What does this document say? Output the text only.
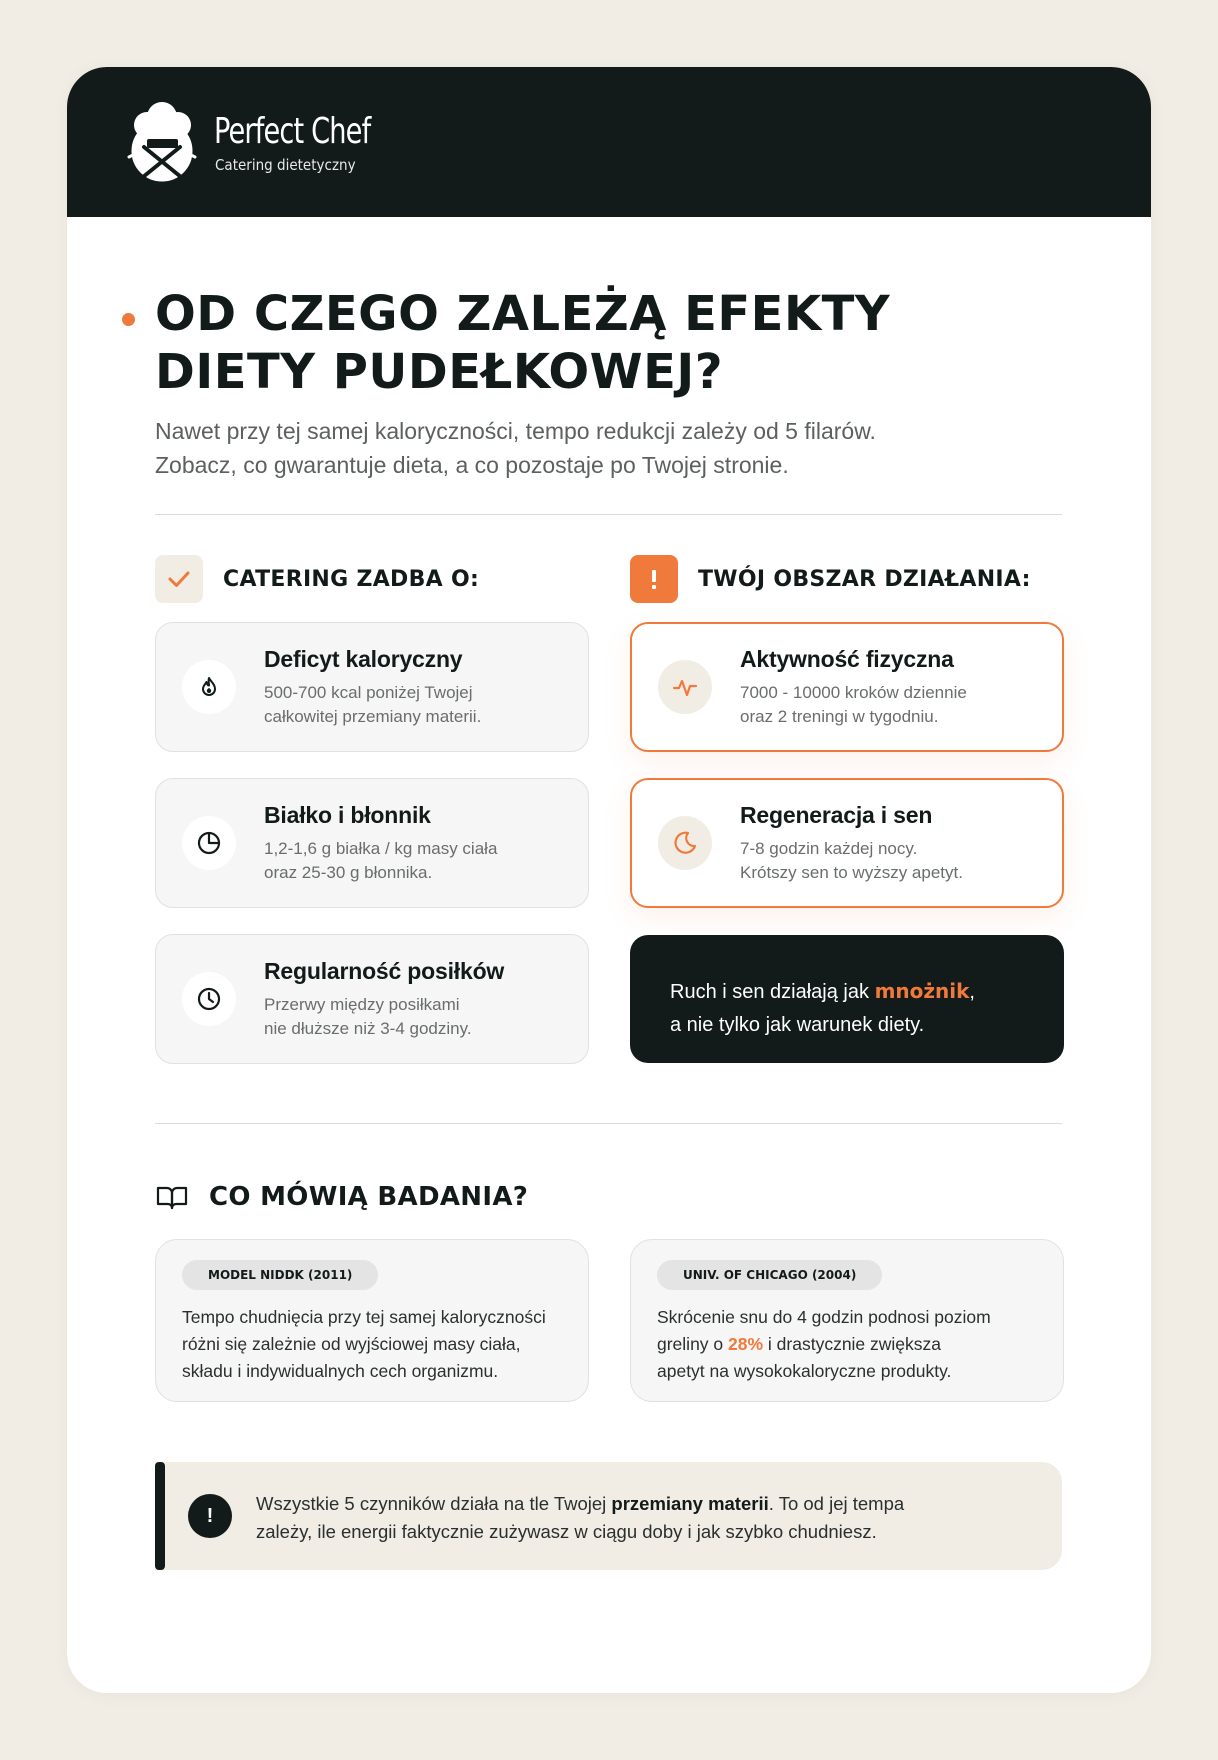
Perfect Chef
Catering dietetyczny
OD CZEGO ZALEŻĄ EFEKTY
DIETY PUDEŁKOWEJ?

Nawet przy tej samej kaloryczności, tempo redukcji zależy od 5 filarów.
Zobacz, co gwarantuje dieta, a co pozostaje po Twojej stronie.

CATERING ZADBA O:	TWÓJ OBSZAR DZIAŁANIA:
Deficyt kaloryczny
500-700 kcal poniżej Twojej
całkowitej przemiany materii.
Białko i błonnik
1,2-1,6 g białka / kg masy ciała
oraz 25-30 g błonnika.
Regularność posiłków
Przerwy między posiłkami
nie dłuższe niż 3-4 godziny.
Aktywność fizyczna
7000 - 10000 kroków dziennie
oraz 2 treningi w tygodniu.
Regeneracja i sen
7-8 godzin każdej nocy.
Krótszy sen to wyższy apetyt.
Ruch i sen działają jak mnożnik,
a nie tylko jak warunek diety.
CO MÓWIĄ BADANIA?
MODEL NIDDK (2011)
Tempo chudnięcia przy tej samej kaloryczności
różni się zależnie od wyjściowej masy ciała,
składu i indywidualnych cech organizmu.
UNIV. OF CHICAGO (2004)
Skrócenie snu do 4 godzin podnosi poziom
greliny o 28% i drastycznie zwiększa
apetyt na wysokokaloryczne produkty.
!
Wszystkie 5 czynników działa na tle Twojej przemiany materii. To od jej tempa
zależy, ile energii faktycznie zużywasz w ciągu doby i jak szybko chudniesz.
